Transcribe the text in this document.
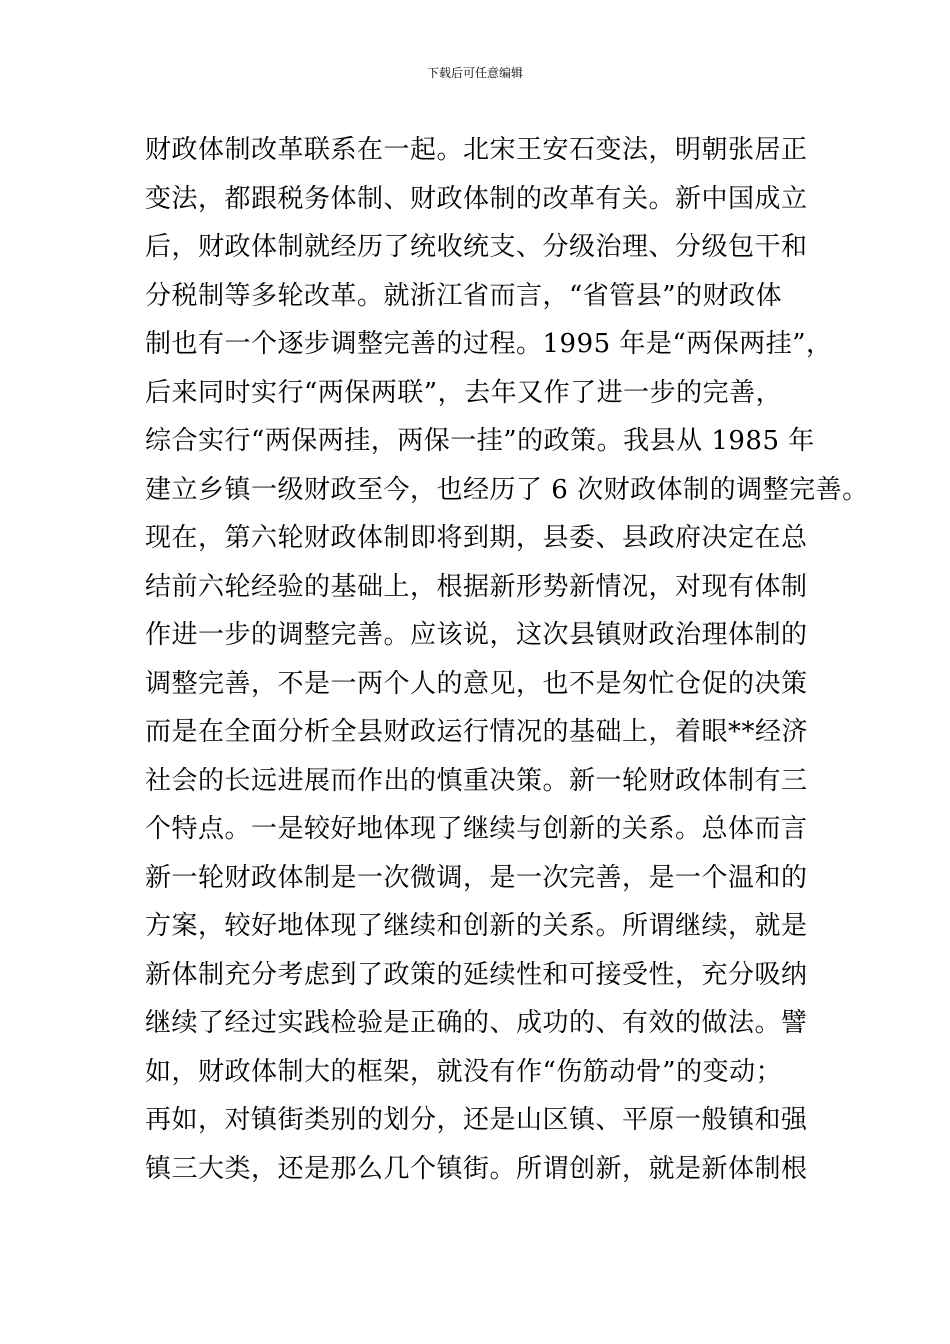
下载后可任意编辑
财政体制改革联系在一起。北宋王安石变法，明朝张居正
变法，都跟税务体制、财政体制的改革有关。新中国成立
后，财政体制就经历了统收统支、分级治理、分级包干和
分税制等多轮改革。就浙江省而言，“省管县”的财政体
制也有一个逐步调整完善的过程。1995 年是“两保两挂”，
后来同时实行“两保两联”，去年又作了进一步的完善，
综合实行“两保两挂，两保一挂”的政策。我县从 1985 年
建立乡镇一级财政至今，也经历了 6 次财政体制的调整完善。
现在，第六轮财政体制即将到期，县委、县政府决定在总
结前六轮经验的基础上，根据新形势新情况，对现有体制
作进一步的调整完善。应该说，这次县镇财政治理体制的
调整完善，不是一两个人的意见，也不是匆忙仓促的决策
而是在全面分析全县财政运行情况的基础上，着眼**经济
社会的长远进展而作出的慎重决策。新一轮财政体制有三
个特点。一是较好地体现了继续与创新的关系。总体而言
新一轮财政体制是一次微调，是一次完善，是一个温和的
方案，较好地体现了继续和创新的关系。所谓继续，就是
新体制充分考虑到了政策的延续性和可接受性，充分吸纳
继续了经过实践检验是正确的、成功的、有效的做法。譬
如，财政体制大的框架，就没有作“伤筋动骨”的变动；
再如，对镇街类别的划分，还是山区镇、平原一般镇和强
镇三大类，还是那么几个镇街。所谓创新，就是新体制根
